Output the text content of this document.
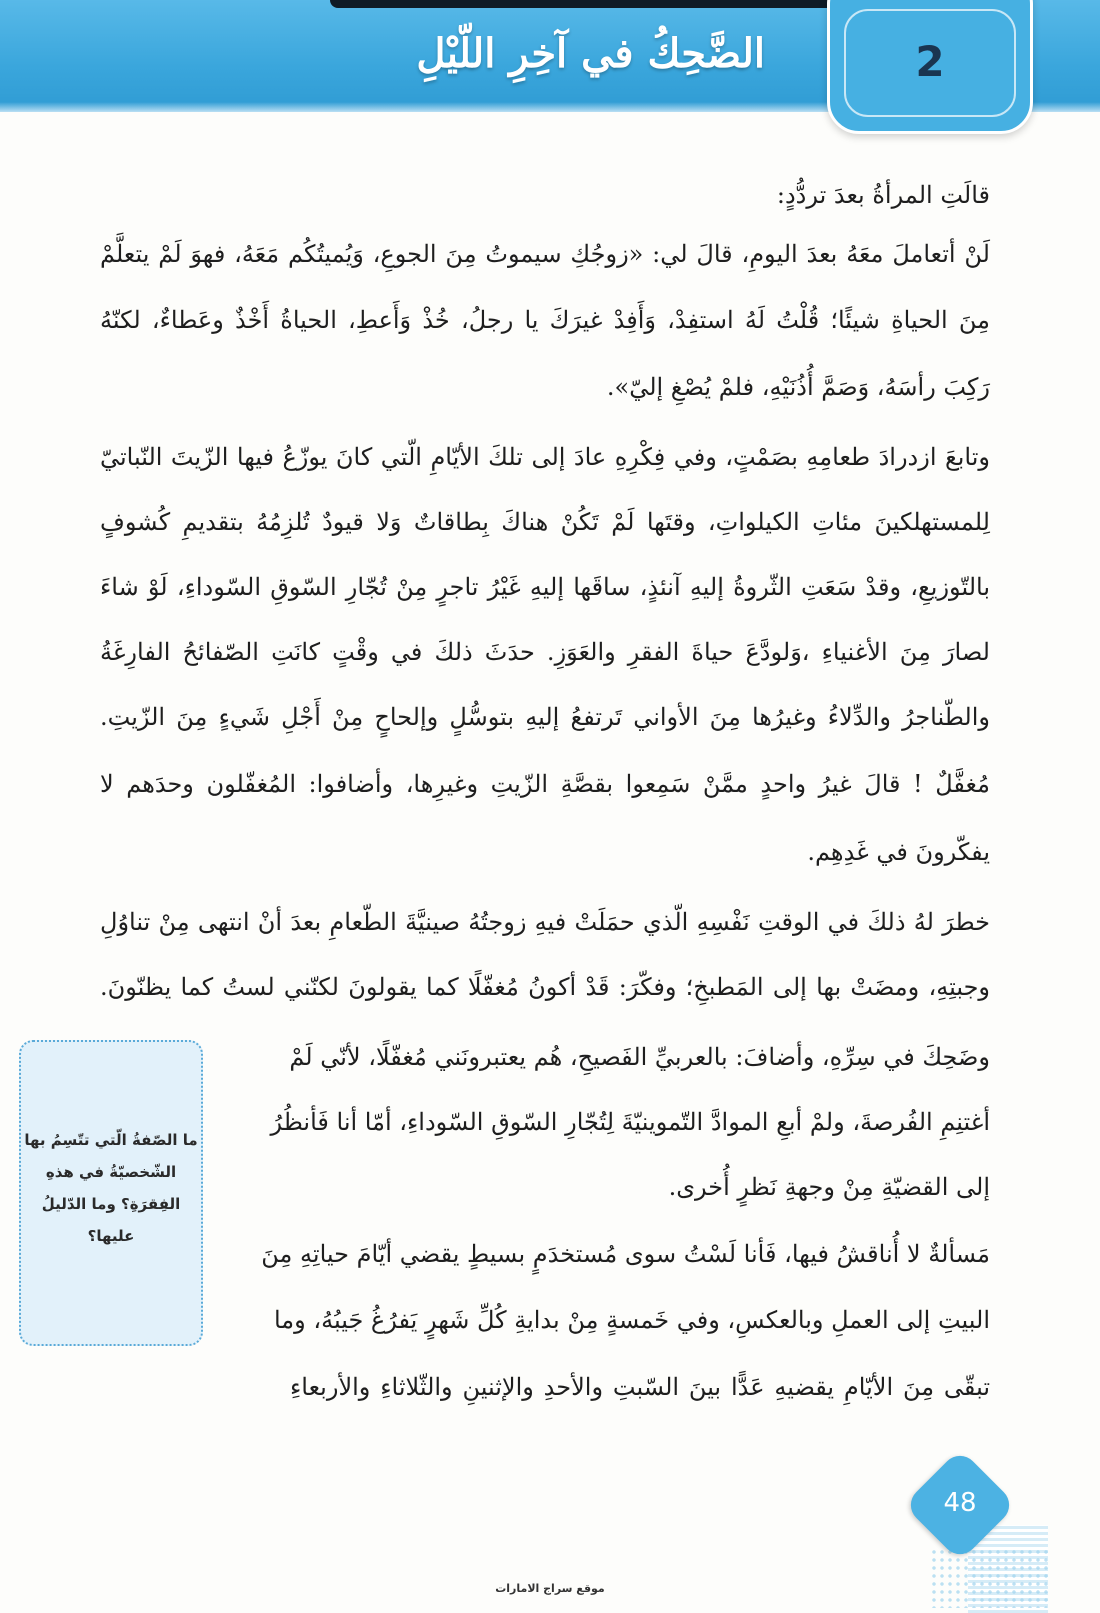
الضَّحِكُ في آخِرِ اللّيْلِ	2
قالَتِ المرأةُ بعدَ تردُّدٍ:
لَنْ أتعاملَ معَهُ بعدَ اليومِ، قالَ لي: «زوجُكِ سيموتُ مِنَ الجوعِ، وَيُميتُكُم مَعَهُ، فهوَ لَمْ يتعلَّمْ
مِنَ الحياةِ شيئًا؛ قُلْتُ لَهُ استفِدْ، وَأَفِدْ غيرَكَ يا رجلُ، خُذْ وَأَعطِ، الحياةُ أَخْذٌ وعَطاءٌ، لكنّهُ
رَكِبَ رأسَهُ، وَصَمَّ أُذُنَيْهِ، فلمْ يُصْغِ إليّ».
وتابعَ ازدرادَ طعامِهِ بصَمْتٍ، وفي فِكْرِهِ عادَ إلى تلكَ الأيّامِ الّتي كانَ يوزّعُ فيها الزّيتَ النّباتيّ
لِلمستهلكينَ مئاتِ الكيلواتِ، وقتَها لَمْ تَكُنْ هناكَ بِطاقاتٌ وَلا قيودٌ تُلزِمُهُ بتقديمِ كُشوفٍ
بالتّوزيعِ، وقدْ سَعَتِ الثّروةُ إليهِ آنئذٍ، ساقَها إليهِ غَيْرُ تاجرٍ مِنْ تُجّارِ السّوقِ السّوداءِ، لَوْ شاءَ
لصارَ مِنَ الأغنياءِ ،وَلودَّعَ حياةَ الفقرِ والعَوَزِ. حدَثَ ذلكَ في وقْتٍ كانَتِ الصّفائحُ الفارِغَةُ
والطّناجرُ والدِّلاءُ وغيرُها مِنَ الأواني تَرتفعُ إليهِ بتوسُّلٍ وإلحاحٍ مِنْ أَجْلِ شَيءٍ مِنَ الزّيتِ.
مُغفَّلٌ ! قالَ غيرُ واحدٍ ممَّنْ سَمِعوا بقصَّةِ الزّيتِ وغيرِها، وأضافوا: المُغفّلون وحدَهم لا
يفكّرونَ في غَدِهِم.
خطرَ لهُ ذلكَ في الوقتِ نَفْسِهِ الّذي حمَلَتْ فيهِ زوجتُهُ صينيَّةَ الطّعامِ بعدَ أنْ انتهى مِنْ تناوُلِ
وجبتِهِ، ومضَتْ بها إلى المَطبخِ؛ وفكّرَ: قَدْ أكونُ مُغفّلًا كما يقولونَ لكنّني لستُ كما يظنّونَ.
وضَحِكَ في سِرِّهِ، وأضافَ: بالعربيِّ الفَصيحِ، هُم يعتبرونَني مُغفّلًا، لأنّي لَمْ
أغتنِمِ الفُرصةَ، ولمْ أبعِ الموادَّ التّموينيّةَ لِتُجّارِ السّوقِ السّوداءِ، أمّا أنا فَأنظُرُ
إلى القضيّةِ مِنْ وجهةِ نَظرٍ أُخرى.
مَسألةٌ لا أُناقشُ فيها، فَأنا لَسْتُ سوى مُستخدَمٍ بسيطٍ يقضي أيّامَ حياتِهِ مِنَ
البيتِ إلى العملِ وبالعكسِ، وفي خَمسةٍ مِنْ بدايةِ كُلِّ شَهرٍ يَفرُغُ جَيبُهُ، وما
تبقّى مِنَ الأيّامِ يقضيهِ عَدًّا بينَ السّبتِ والأحدِ والإثنينِ والثّلاثاءِ والأربعاءِ
ما الصّفةُ الّتي تتّسِمُ بها الشّخصيّةُ في هذهِ الفِقرَةِ؟ وما الدّليلُ عليها؟
48
موقع سراج الامارات
